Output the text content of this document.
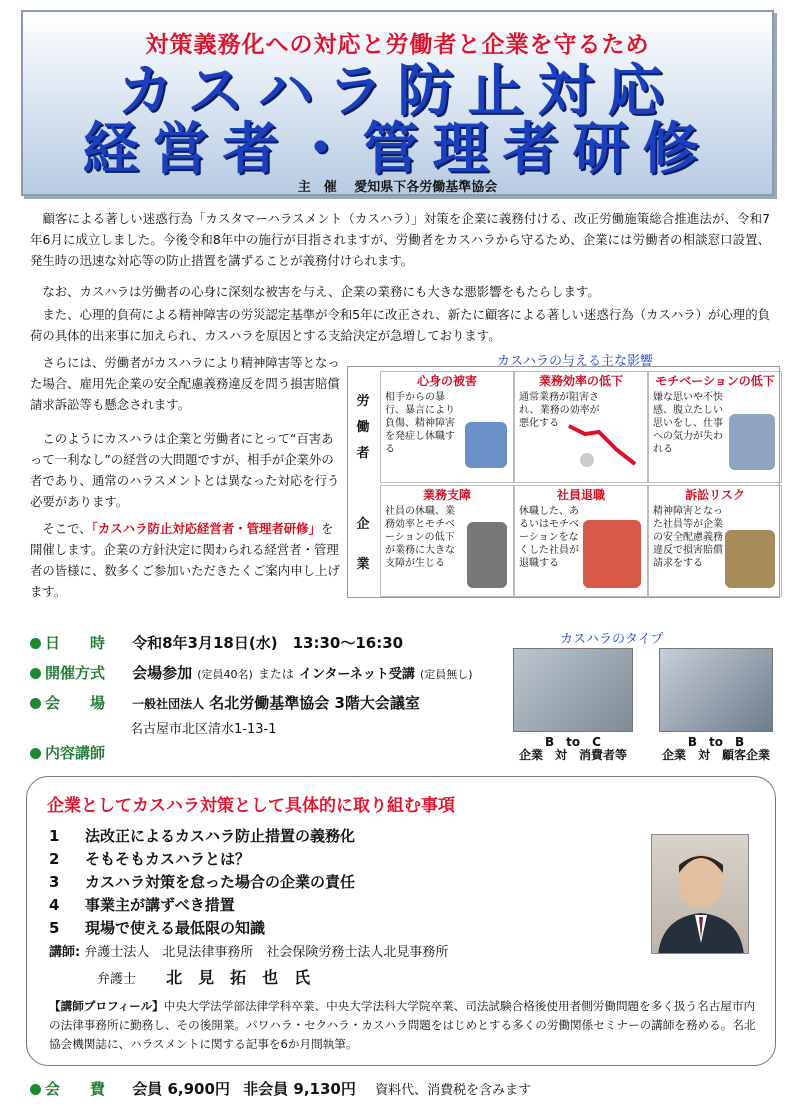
対策義務化への対応と労働者と企業を守るため
カスハラ防止対応
経営者・管理者研修
主　催　 愛知県下各労働基準協会
　顧客による著しい迷惑行為「カスタマーハラスメント（カスハラ）」対策を企業に義務付ける、改正労働施策総合推進法が、令和7年6月に成立しました。今後令和8年中の施行が目指されますが、労働者をカスハラから守るため、企業には労働者の相談窓口設置、発生時の迅速な対応等の防止措置を講ずることが義務付けられます。
　なお、カスハラは労働者の心身に深刻な被害を与え、企業の業務にも大きな悪影響をもたらします。
　また、心理的負荷による精神障害の労災認定基準が令和5年に改正され、新たに顧客による著しい迷惑行為（カスハラ）が心理的負荷の具体的出来事に加えられ、カスハラを原因とする支給決定が急増しております。
　さらには、労働者がカスハラにより精神障害等となった場合、雇用先企業の安全配慮義務違反を問う損害賠償請求訴訟等も懸念されます。
　このようにカスハラは企業と労働者にとって“百害あって一利なし”の経営の大問題ですが、相手が企業外の者であり、通常のハラスメントとは異なった対応を行う必要があります。
　そこで、「カスハラ防止対応経営者・管理者研修」を開催します。企業の方針決定に関わられる経営者・管理者の皆様に、数多くご参加いただきたくご案内申し上げます。
カスハラの与える主な影響
労
働
者
企
業
心身の被害
相手からの暴行、暴言により負傷、精神障害を発症し休職する
業務効率の低下
通常業務が阻害され、業務の効率が悪化する
モチベーションの低下
嫌な思いや不快感、腹立たしい思いをし、仕事への気力が失われる
業務支障
社員の休職、業務効率とモチベーションの低下が業務に大きな支障が生じる
社員退職
休職した、あるいはモチベーションをなくした社員が退職する
訴訟リスク
精神障害となった社員等が企業の安全配慮義務違反で損害賠償請求をする
日　　時 令和8年3月18日(水)　13:30～16:30
開催方式 会場参加 (定員40名) または インターネット受講 (定員無し)
会　　場 一般社団法人 名北労働基準協会 3階大会議室
名古屋市北区清水1-13-1
内容講師
カスハラのタイプ
B　to　C
企業　対　消費者等
B　to　B
企業　対　顧客企業
企業としてカスハラ対策として具体的に取り組む事項
1 法改正によるカスハラ防止措置の義務化
2 そもそもカスハラとは？
3 カスハラ対策を怠った場合の企業の責任
4 事業主が講ずべき措置
5 現場で使える最低限の知識
講師: 弁護士法人　北見法律事務所　社会保険労務士法人北見事務所
弁護士 北　見　拓　也　氏
【講師プロフィール】中央大学法学部法律学科卒業、中央大学法科大学院卒業、司法試験合格後使用者側労働問題を多く扱う名古屋市内の法律事務所に勤務し、その後開業。パワハラ・セクハラ・カスハラ問題をはじめとする多くの労働関係セミナーの講師を務める。名北協会機関誌に、ハラスメントに関する記事を6か月間執筆。
会　　費 会員 6,900円 非会員 9,130円 資料代、消費税を含みます
